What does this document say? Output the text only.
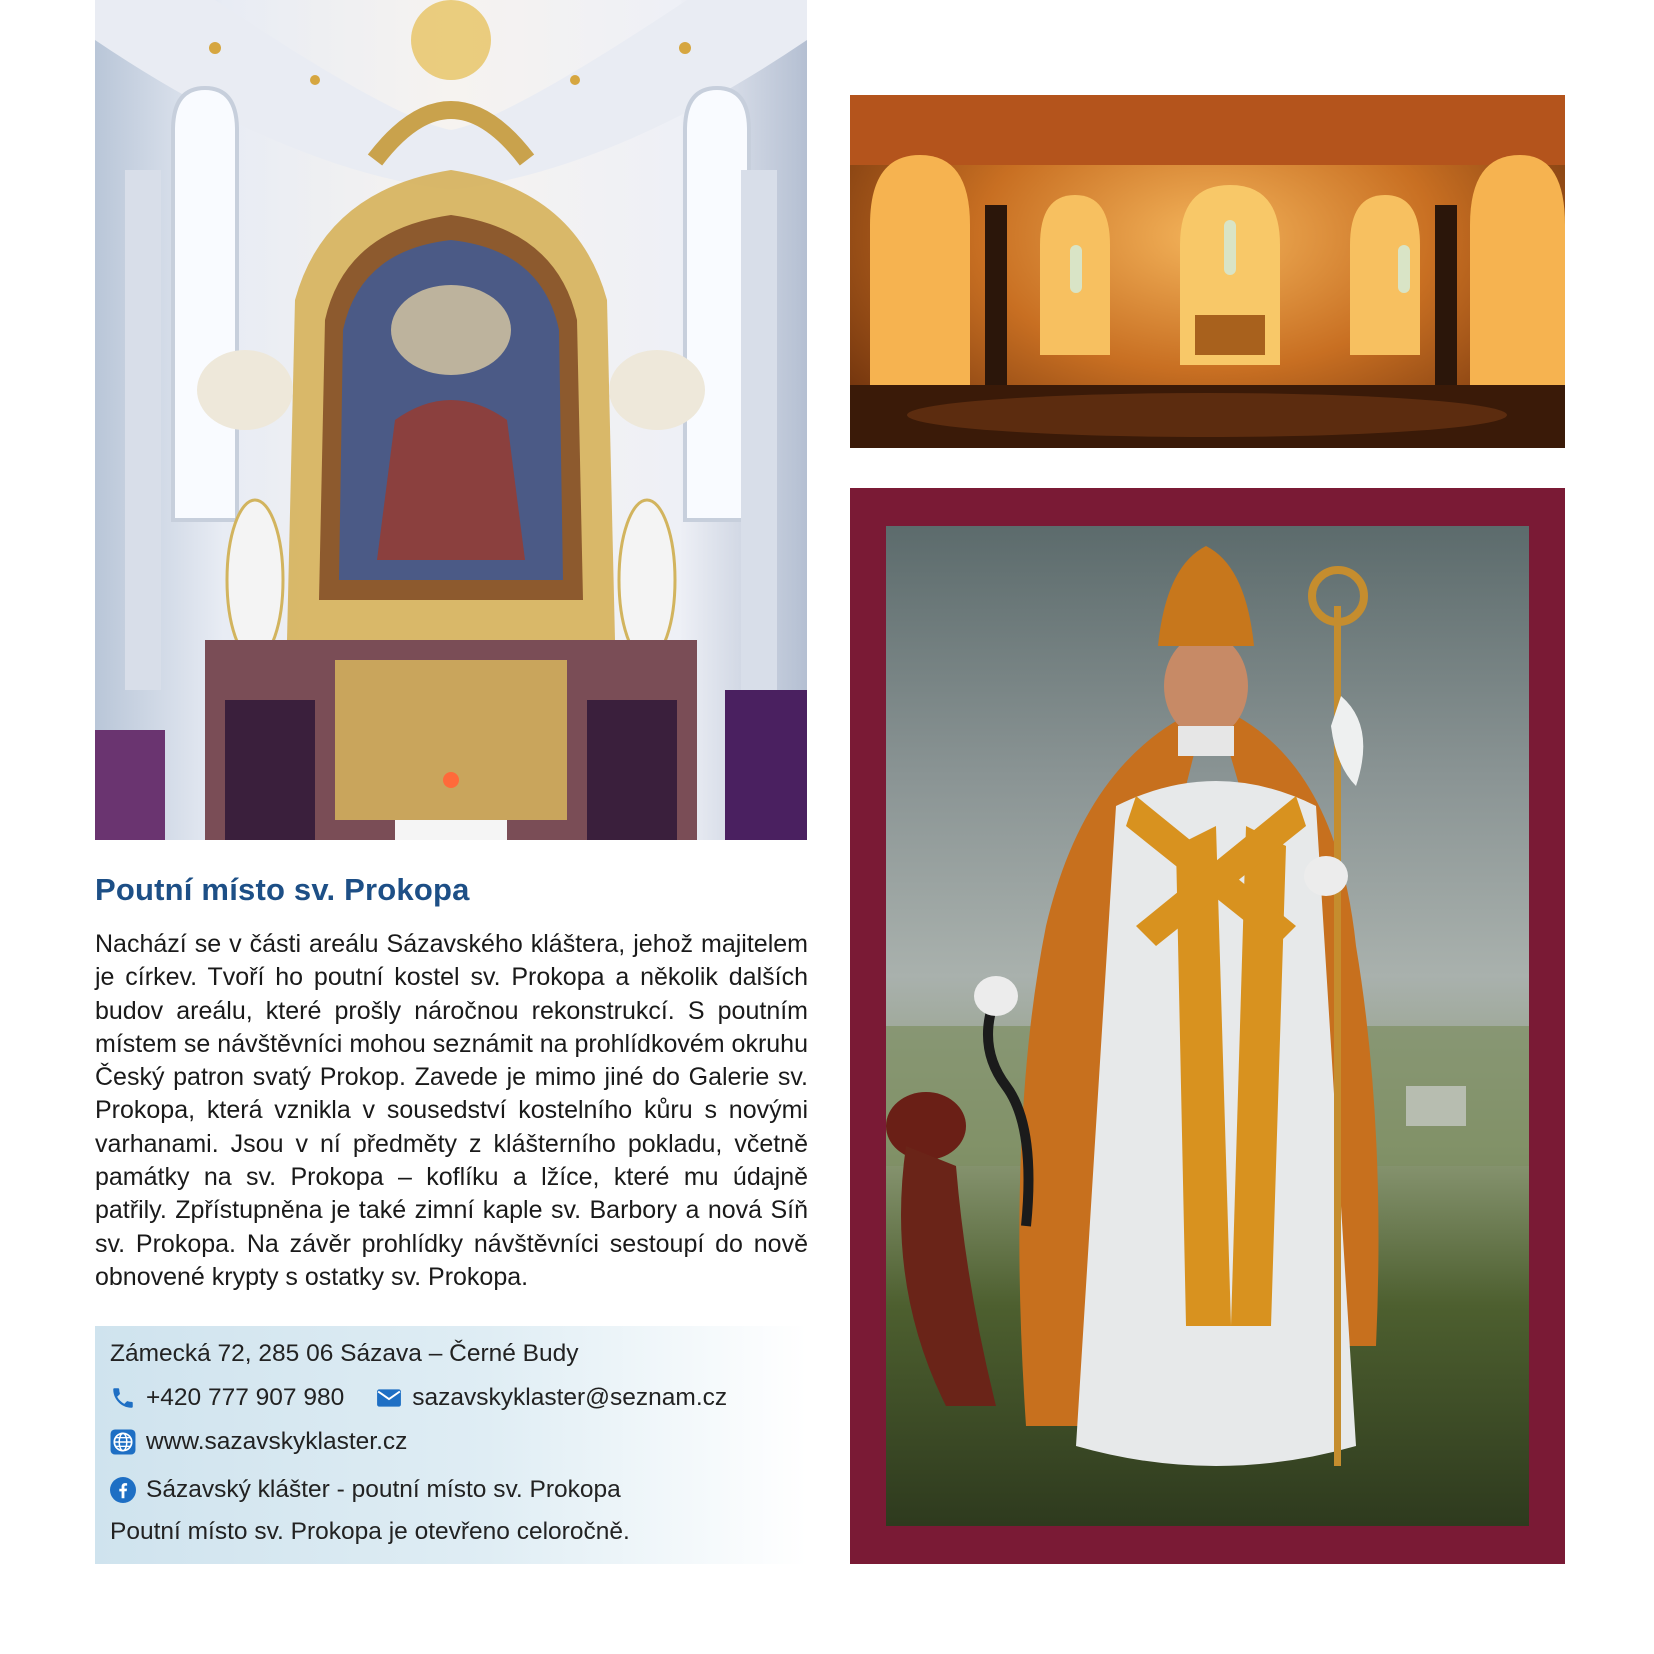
Poutní místo sv. Prokopa

Nachází se v části areálu Sázavského kláštera, jehož majitelem je církev. Tvoří ho poutní kostel sv. Prokopa a několik dalších budov areálu, které prošly náročnou rekonstrukcí. S poutním místem se návštěvníci mohou seznámit na prohlídkovém okruhu Český patron svatý Prokop. Zavede je mimo jiné do Galerie sv. Prokopa, která vznikla v sousedství kostelního kůru s novými varhanami. Jsou v ní předměty z klášterního pokladu, včetně památky na sv. Prokopa – koflíku a lžíce, které mu údajně patřily. Zpřístupněna je také zimní kaple sv. Barbory a nová Síň sv. Prokopa. Na závěr prohlídky návštěvníci sestoupí do nově obnovené krypty s ostatky sv. Prokopa.

Zámecká 72, 285 06 Sázava – Černé Budy
+420 777 907 980	sazavskyklaster@seznam.cz
www.sazavskyklaster.cz
Sázavský klášter - poutní místo sv. Prokopa
Poutní místo sv. Prokopa je otevřeno celoročně.
